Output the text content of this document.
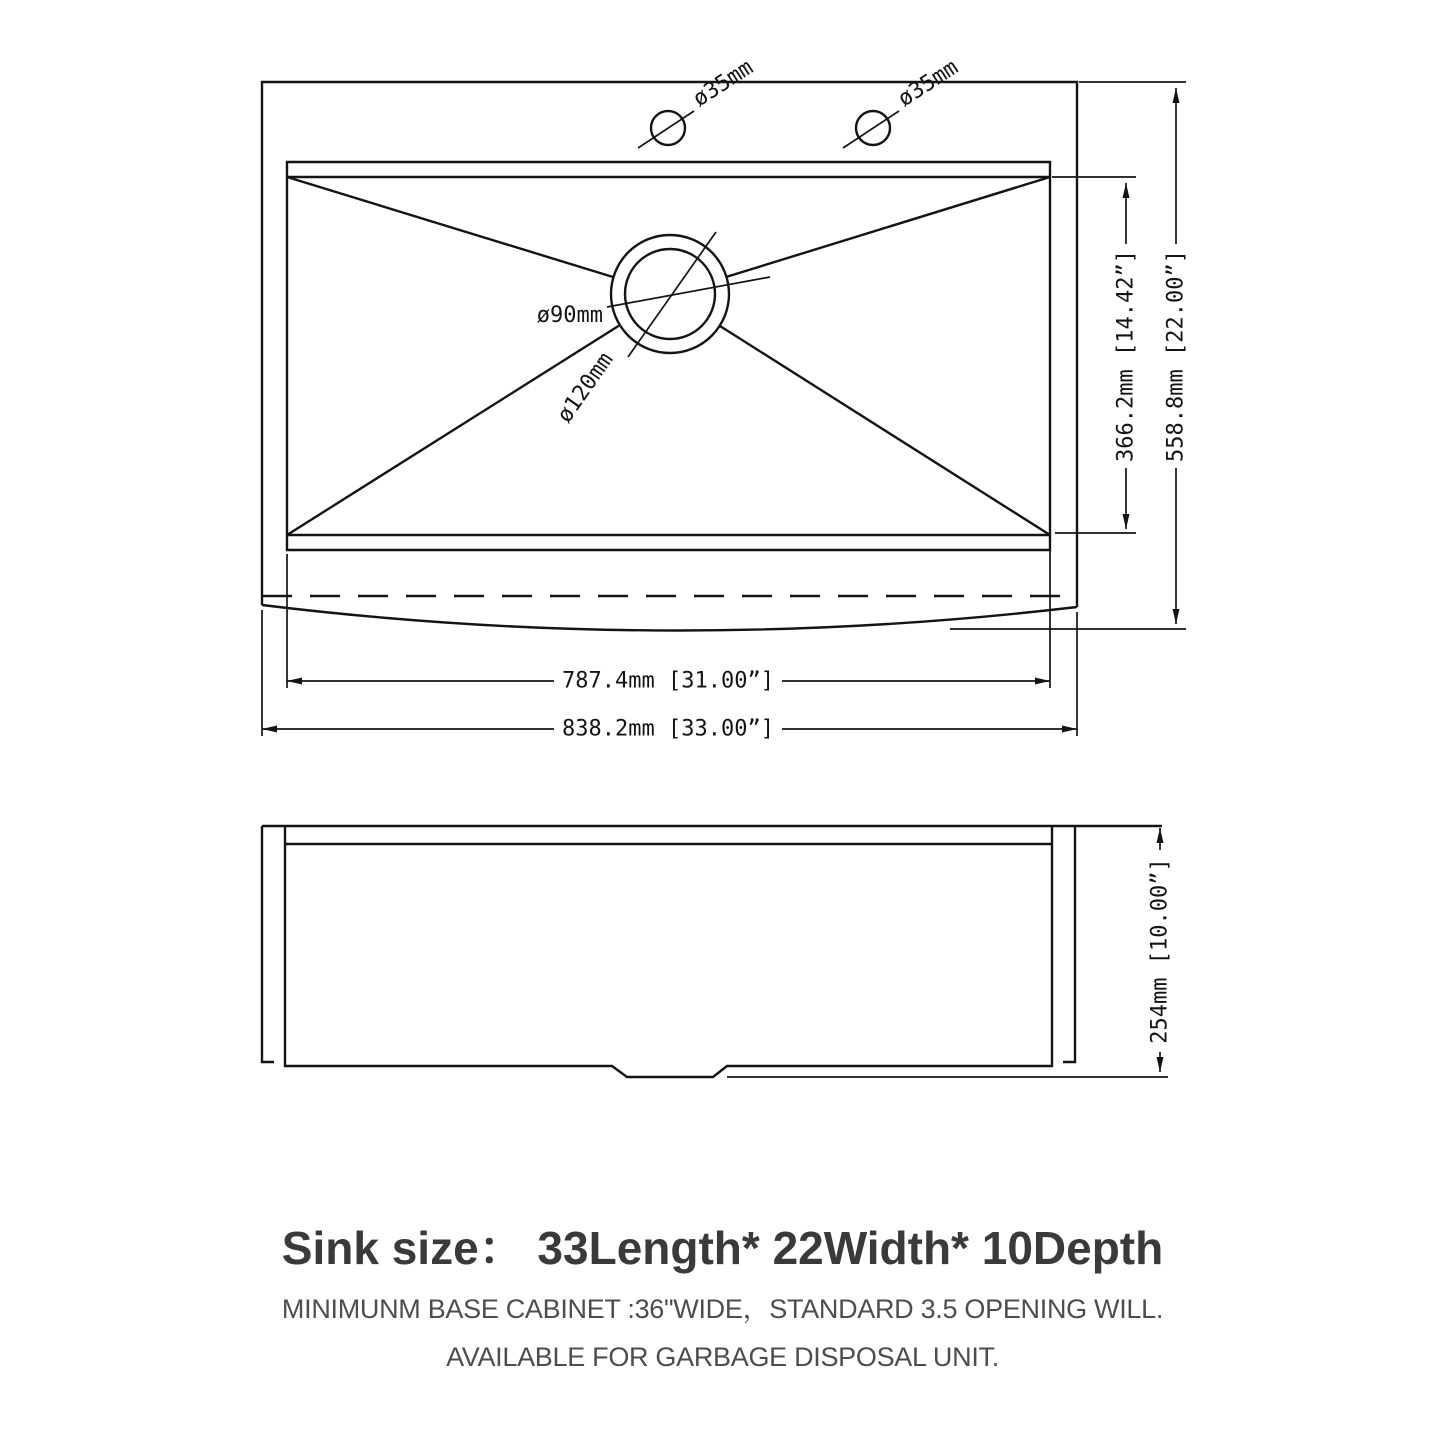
ø90mm
ø120mm
ø35mm	ø35mm
366.2mm [14.42”] 558.8mm [22.00”]
787.4mm [31.00”]
838.2mm [33.00”]
254mm [10.00”]
Sink size： 33Length* 22Width* 10Depth
MINIMUNM BASE CABINET :36"WIDE，STANDARD 3.5 OPENING WILL.
AVAILABLE FOR GARBAGE DISPOSAL UNIT.
